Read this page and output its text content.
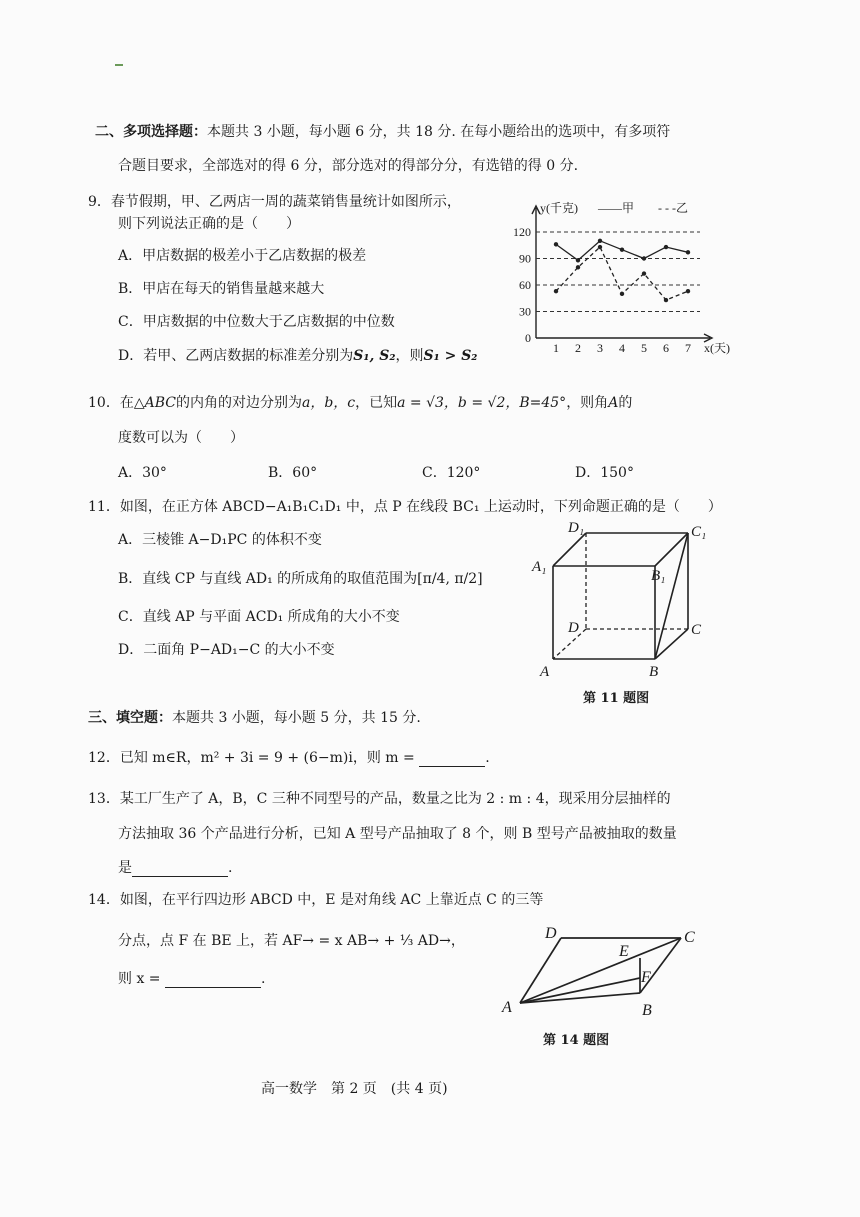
二、多项选择题：本题共 3 小题，每小题 6 分，共 18 分. 在每小题给出的选项中，有多项符
合题目要求，全部选对的得 6 分，部分选对的得部分分，有选错的得 0 分.
9．春节假期，甲、乙两店一周的蔬菜销售量统计如图所示，
则下列说法正确的是（　　）
A．甲店数据的极差小于乙店数据的极差
B．甲店在每天的销售量越来越大
C．甲店数据的中位数大于乙店数据的中位数
D．若甲、乙两店数据的标准差分别为S₁, S₂，则S₁ > S₂
0
30
60
90
120
1 2 3 4 5 6 7
y(千克)
x(天)
——甲 - - -乙
10．在△ABC的内角的对边分别为a，b，c，已知a = √3，b = √2，B=45°，则角A的
度数可以为（　　）
A．30°	B．60°	C．120°	D．150°
11．如图，在正方体 ABCD−A₁B₁C₁D₁ 中，点 P 在线段 BC₁ 上运动时，下列命题正确的是（　　）
A．三棱锥 A−D₁PC 的体积不变
B．直线 CP 与直线 AD₁ 的所成角的取值范围为[π/4, π/2]
C．直线 AP 与平面 ACD₁ 所成角的大小不变
D．二面角 P−AD₁−C 的大小不变
D₁	C₁
A₁
B₁
D	C
A	B
第 11 题图
三、填空题：本题共 3 小题，每小题 5 分，共 15 分.
12．已知 m∈R，m² + 3i = 9 + (6−m)i，则 m =	.
13．某工厂生产了 A，B，C 三种不同型号的产品，数量之比为 2 : m : 4，现采用分层抽样的
方法抽取 36 个产品进行分析，已知 A 型号产品抽取了 8 个，则 B 型号产品被抽取的数量
是	.
14．如图，在平行四边形 ABCD 中，E 是对角线 AC 上靠近点 C 的三等
分点，点 F 在 BE 上，若 AF→ = x AB→ + ⅓ AD→，
则 x =	.
D	C
E
F
A	B
第 14 题图
高一数学　第 2 页　(共 4 页)
